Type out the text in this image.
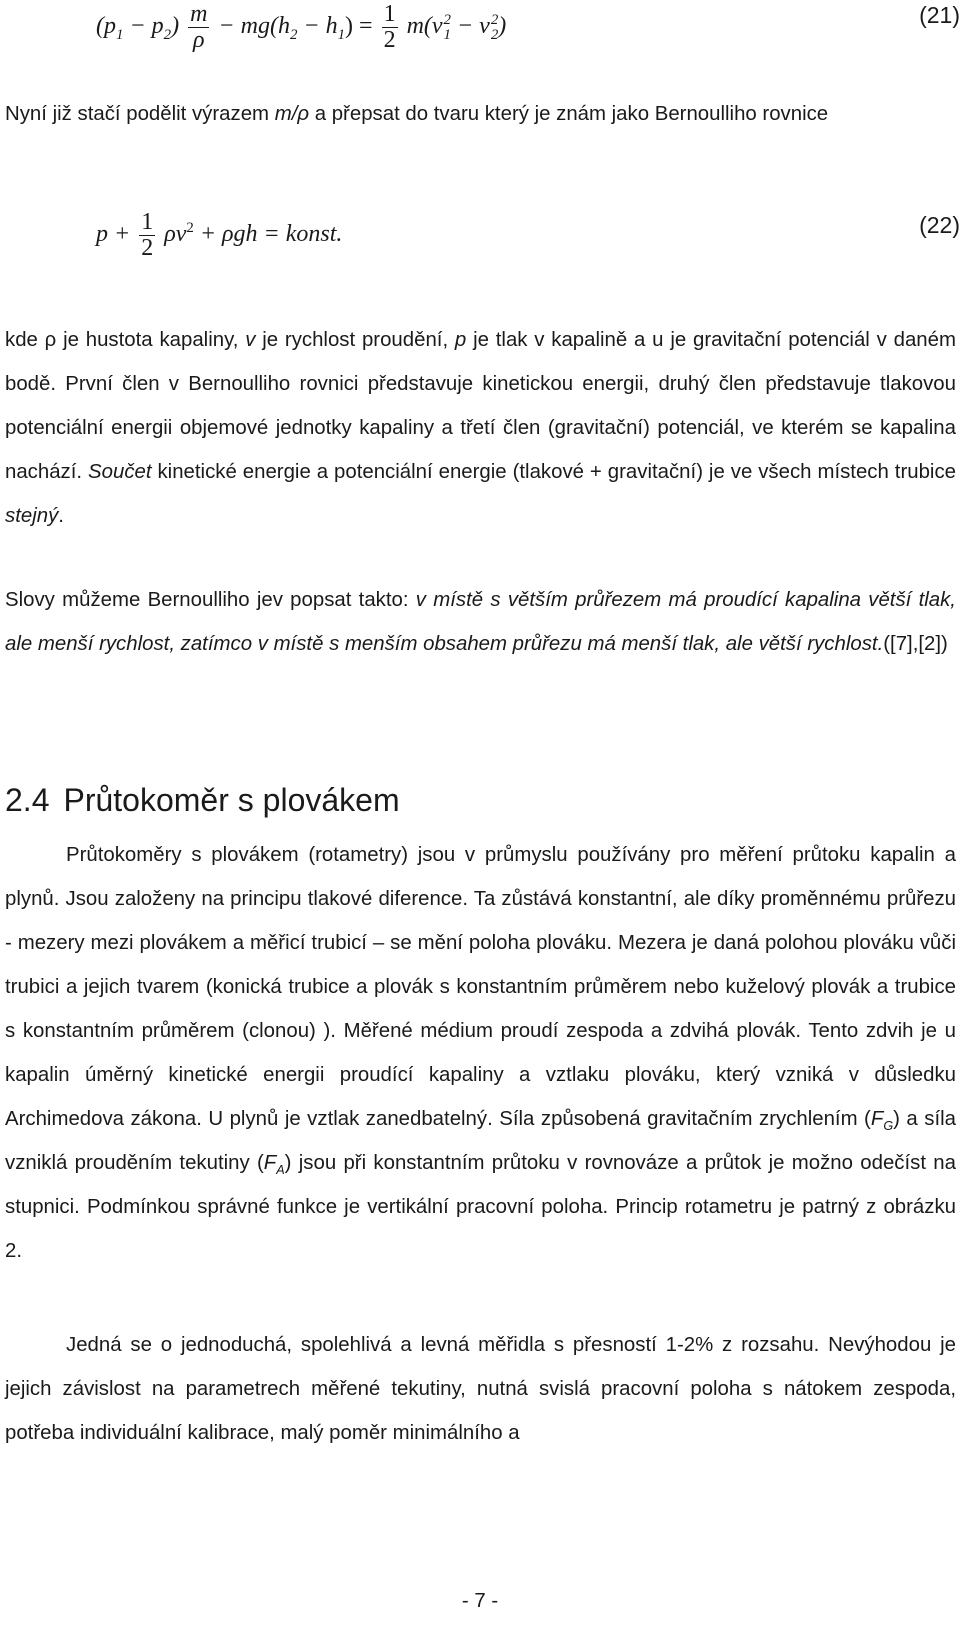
$(p_1 - p_2) \frac{m}{\rho} - mg(h_2 - h_1) = \frac{1}{2} m(v$ 2
1 − v 2
2 )	(21)

Nyní již stačí podělit výrazem m/ρ a přepsat do tvaru který je znám jako Bernoulliho rovnice

$p + \frac{1}{2} \rho v^2 + \rho gh$ = konst.	(22)

kde ρ je hustota kapaliny, v je rychlost proudění, p je tlak v kapalině a u je gravitační potenciál v daném bodě. První člen v Bernoulliho rovnici představuje kinetickou energii, druhý člen představuje tlakovou potenciální energii objemové jednotky kapaliny a třetí člen (gravitační) potenciál, ve kterém se kapalina nachází. Součet kinetické energie a potenciální energie (tlakové + gravitační) je ve všech místech trubice stejný.

Slovy můžeme Bernoulliho jev popsat takto: v místě s větším průřezem má proudící kapalina větší tlak, ale menší rychlost, zatímco v místě s menším obsahem průřezu má menší tlak, ale větší rychlost.([7],[2])

2.4 Průtokoměr s plovákem

Průtokoměry s plovákem (rotametry) jsou v průmyslu používány pro měření průtoku kapalin a plynů. Jsou založeny na principu tlakové diference. Ta zůstává konstantní, ale díky proměnnému průřezu - mezery mezi plovákem a měřicí trubicí – se mění poloha plováku. Mezera je daná polohou plováku vůči trubici a jejich tvarem (konická trubice a plovák s konstantním průměrem nebo kuželový plovák a trubice s konstantním průměrem (clonou) ). Měřené médium proudí zespoda a zdvihá plovák. Tento zdvih je u kapalin úměrný kinetické energii proudící kapaliny a vztlaku plováku, který vzniká v důsledku Archimedova zákona. U plynů je vztlak zanedbatelný. Síla způsobená gravitačním zrychlením $(F_G)$ a síla vzniklá prouděním tekutiny $(F_A)$ jsou při konstantním průtoku v rovnováze a průtok je možno odečíst na stupnici. Podmínkou správné funkce je vertikální pracovní poloha. Princip rotametru je patrný z obrázku 2.

Jedná se o jednoduchá, spolehlivá a levná měřidla s přesností 1-2% z rozsahu. Nevýhodou je jejich závislost na parametrech měřené tekutiny, nutná svislá pracovní poloha s nátokem zespoda, potřeba individuální kalibrace, malý poměr minimálního a

- 7 -
